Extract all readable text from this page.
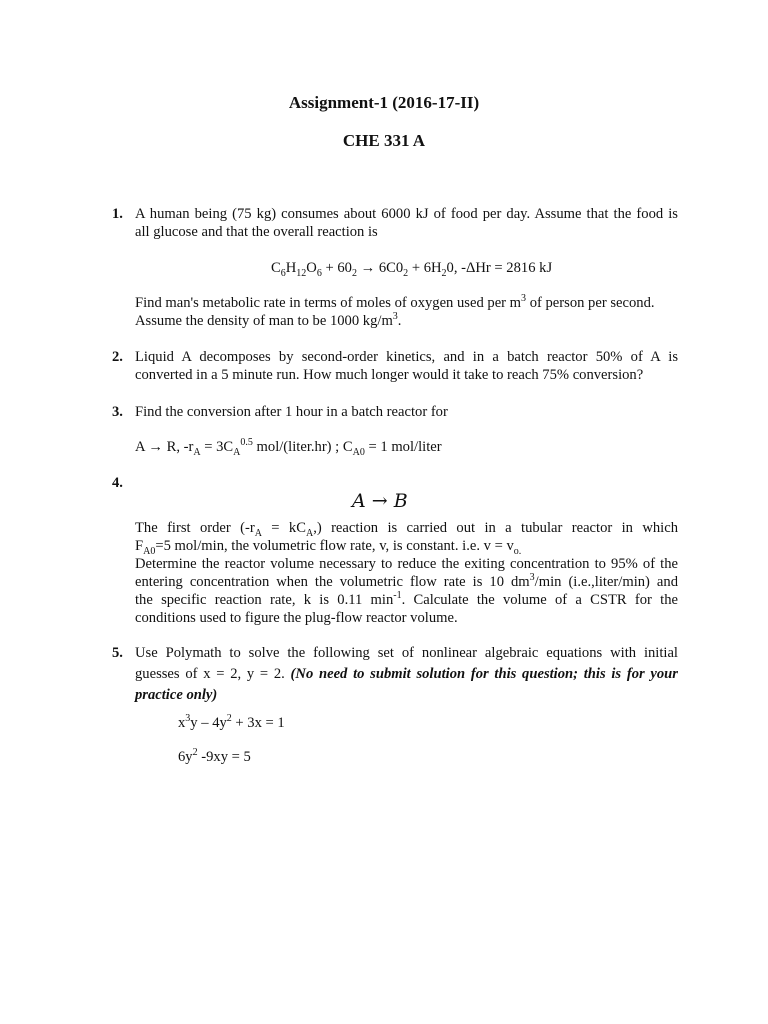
Assignment-1 (2016-17-II)
CHE 331 A
1. A human being (75 kg) consumes about 6000 kJ of food per day. Assume that the food is
all glucose and that the overall reaction is
$C_6H_{12}O_6 + 60_2 \to 6C0_2 + 6H_20$, -ΔHr = 2816 kJ
Find man's metabolic rate in terms of moles of oxygen used per $m^3$ of person per second.
Assume the density of man to be 1000 $kg/m^3$.
2. Liquid A decomposes by second-order kinetics, and in a batch reactor 50% of A is
converted in a 5 minute run. How much longer would it take to reach 75% conversion?
3. Find the conversion after 1 hour in a batch reactor for
A → R, $-r_A = 3C_A^{0.5}$ mol/(liter.hr) ; $C_{A0} = 1$ mol/liter
4.
A → B
The first order $(-r_A = kC_A,)$ reaction is carried out in a tubular reactor in which
$F_{A0}=5$ mol/min, the volumetric flow rate, v, is constant. i.e. $v = v_{o.}$
Determine the reactor volume necessary to reduce the exiting concentration to 95% of the
entering concentration when the volumetric flow rate is 10 $dm^3/\min$ (i.e.,liter/min) and
the specific reaction rate, k is 0.11 $\min^{-1}$. Calculate the volume of a CSTR for the
conditions used to figure the plug-flow reactor volume.
5. Use Polymath to solve the following set of nonlinear algebraic equations with initial
guesses of x = 2, y = 2. (No need to submit solution for this question; this is for your
practice only)
$x^3y - 4y^2 + 3x = 1$
$6y^2$ -9xy = 5
